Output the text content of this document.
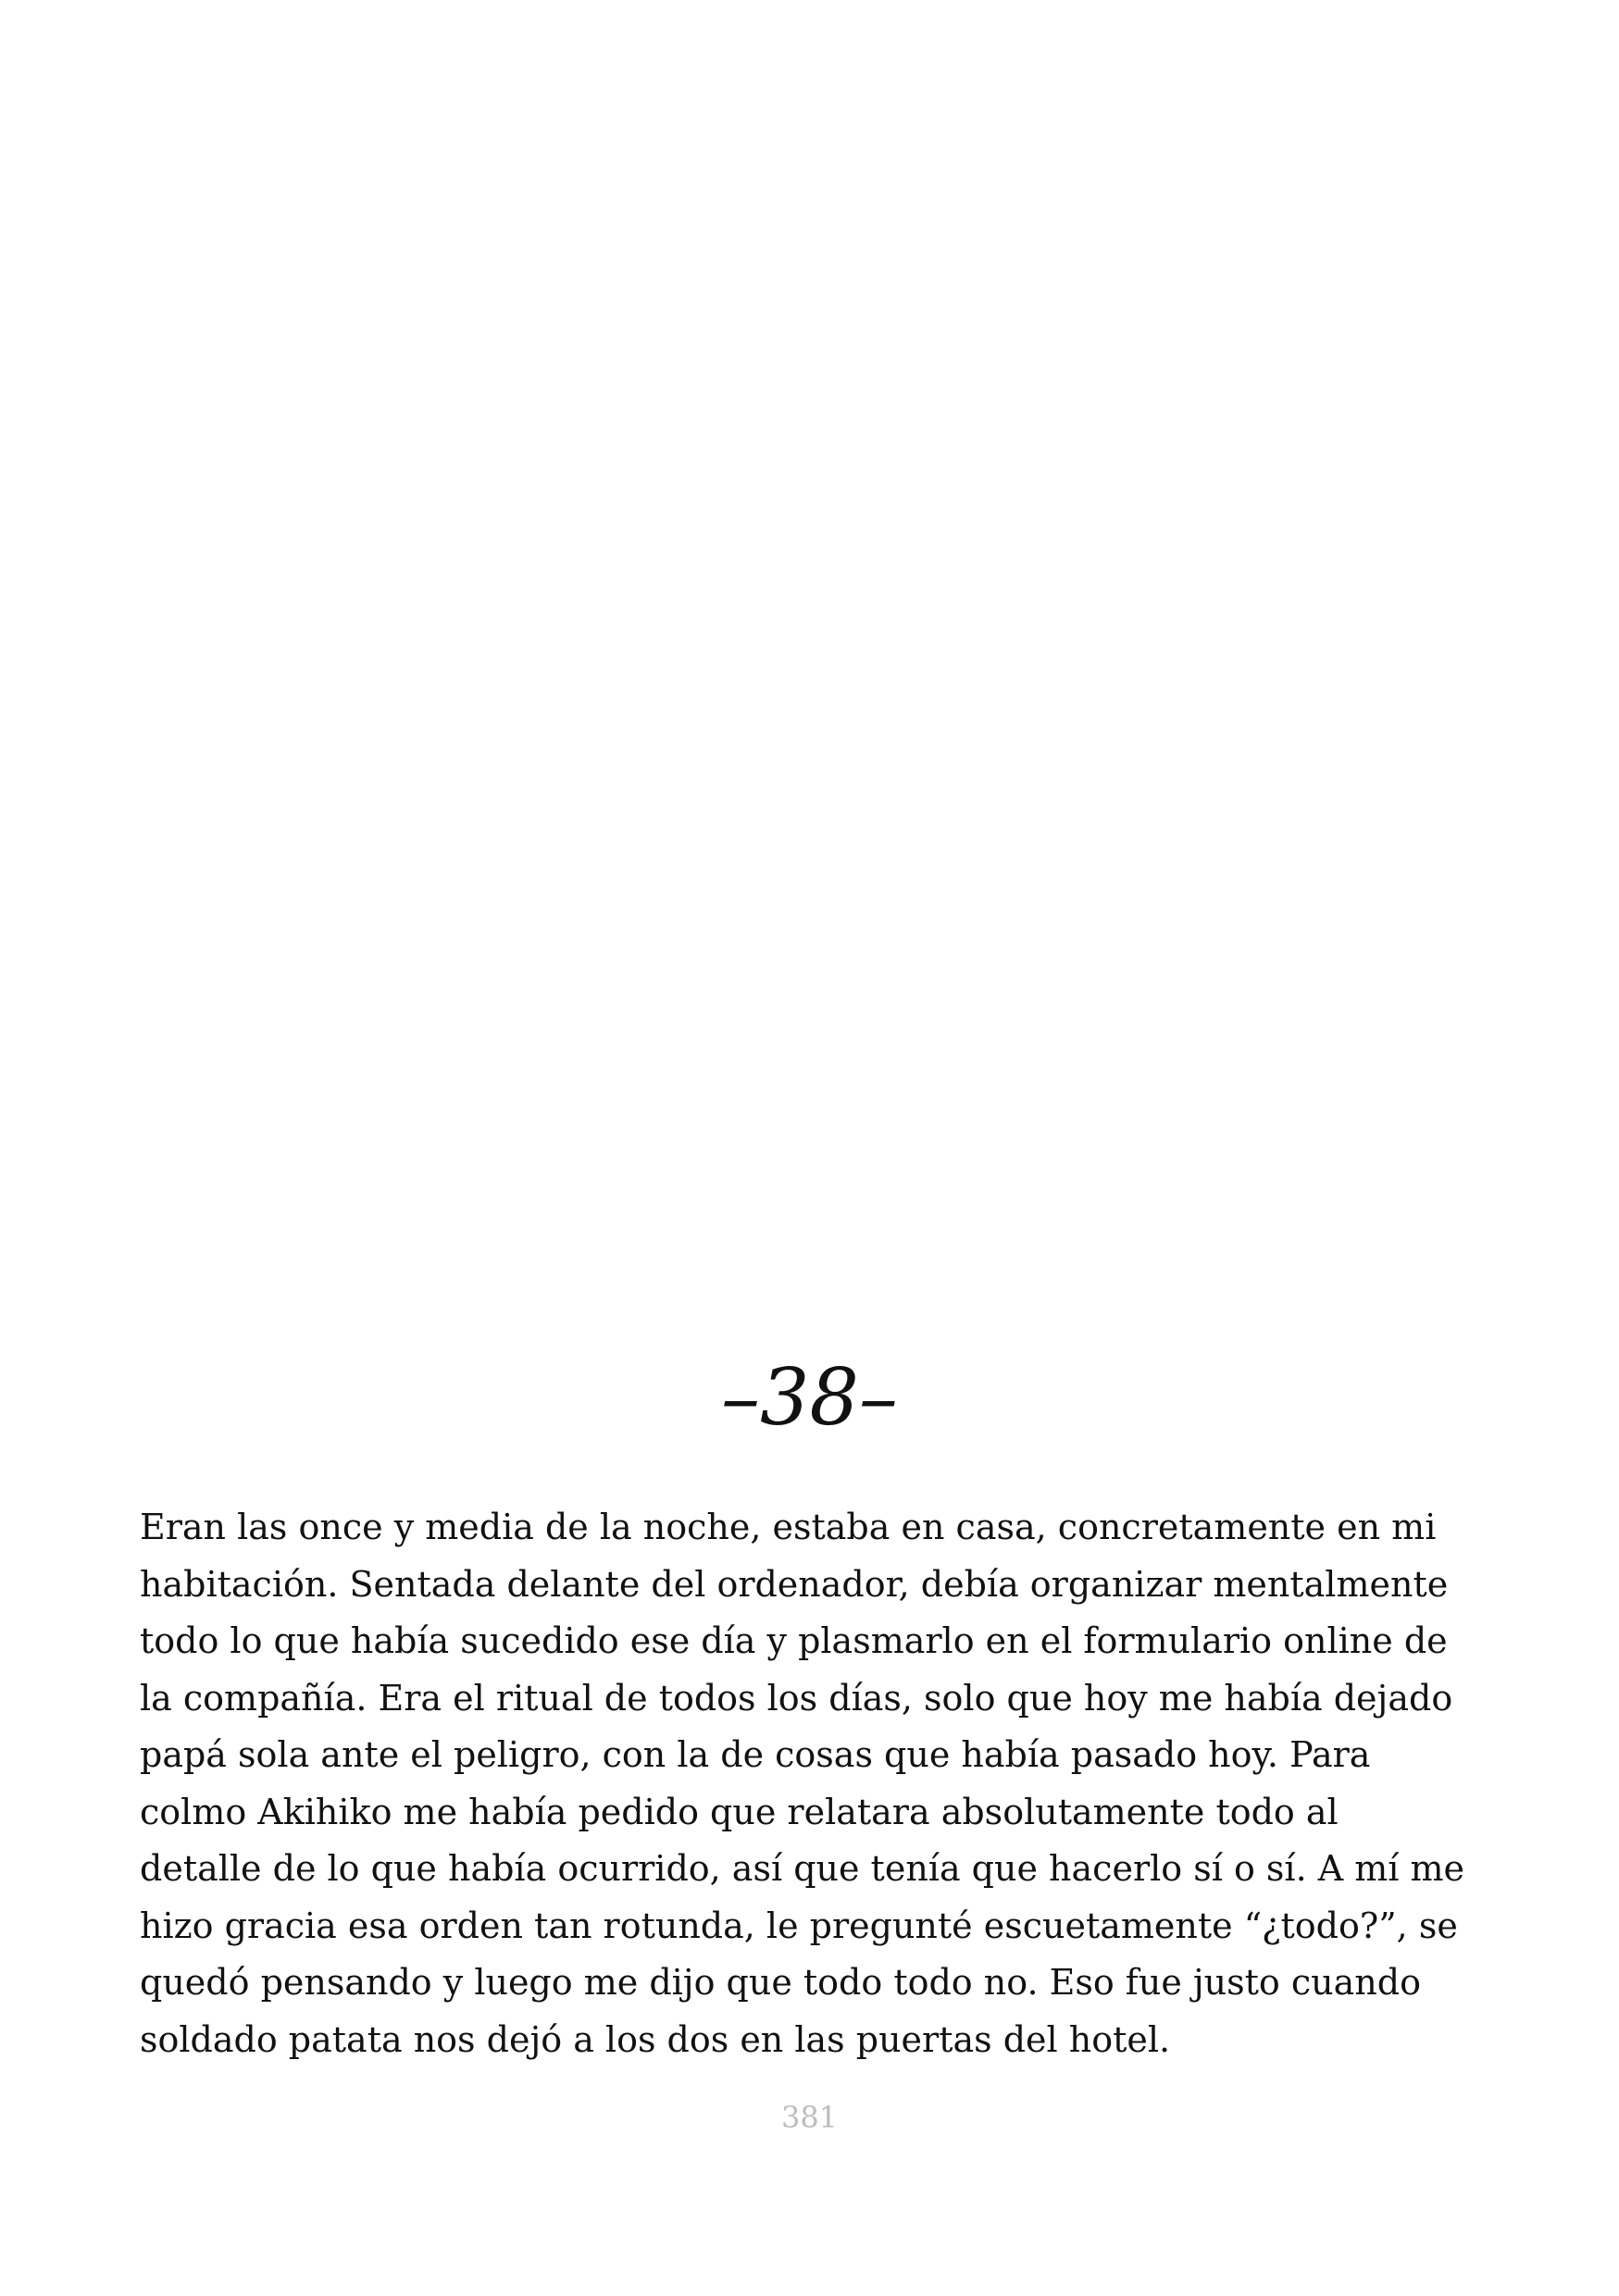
–38–
Eran las once y media de la noche, estaba en casa, concretamente en mi
habitación. Sentada delante del ordenador, debía organizar mentalmente
todo lo que había sucedido ese día y plasmarlo en el formulario online de
la compañía. Era el ritual de todos los días, solo que hoy me había dejado
papá sola ante el peligro, con la de cosas que había pasado hoy. Para
colmo Akihiko me había pedido que relatara absolutamente todo al
detalle de lo que había ocurrido, así que tenía que hacerlo sí o sí. A mí me
hizo gracia esa orden tan rotunda, le pregunté escuetamente “¿todo?”, se
quedó pensando y luego me dijo que todo todo no. Eso fue justo cuando
soldado patata nos dejó a los dos en las puertas del hotel.
381
